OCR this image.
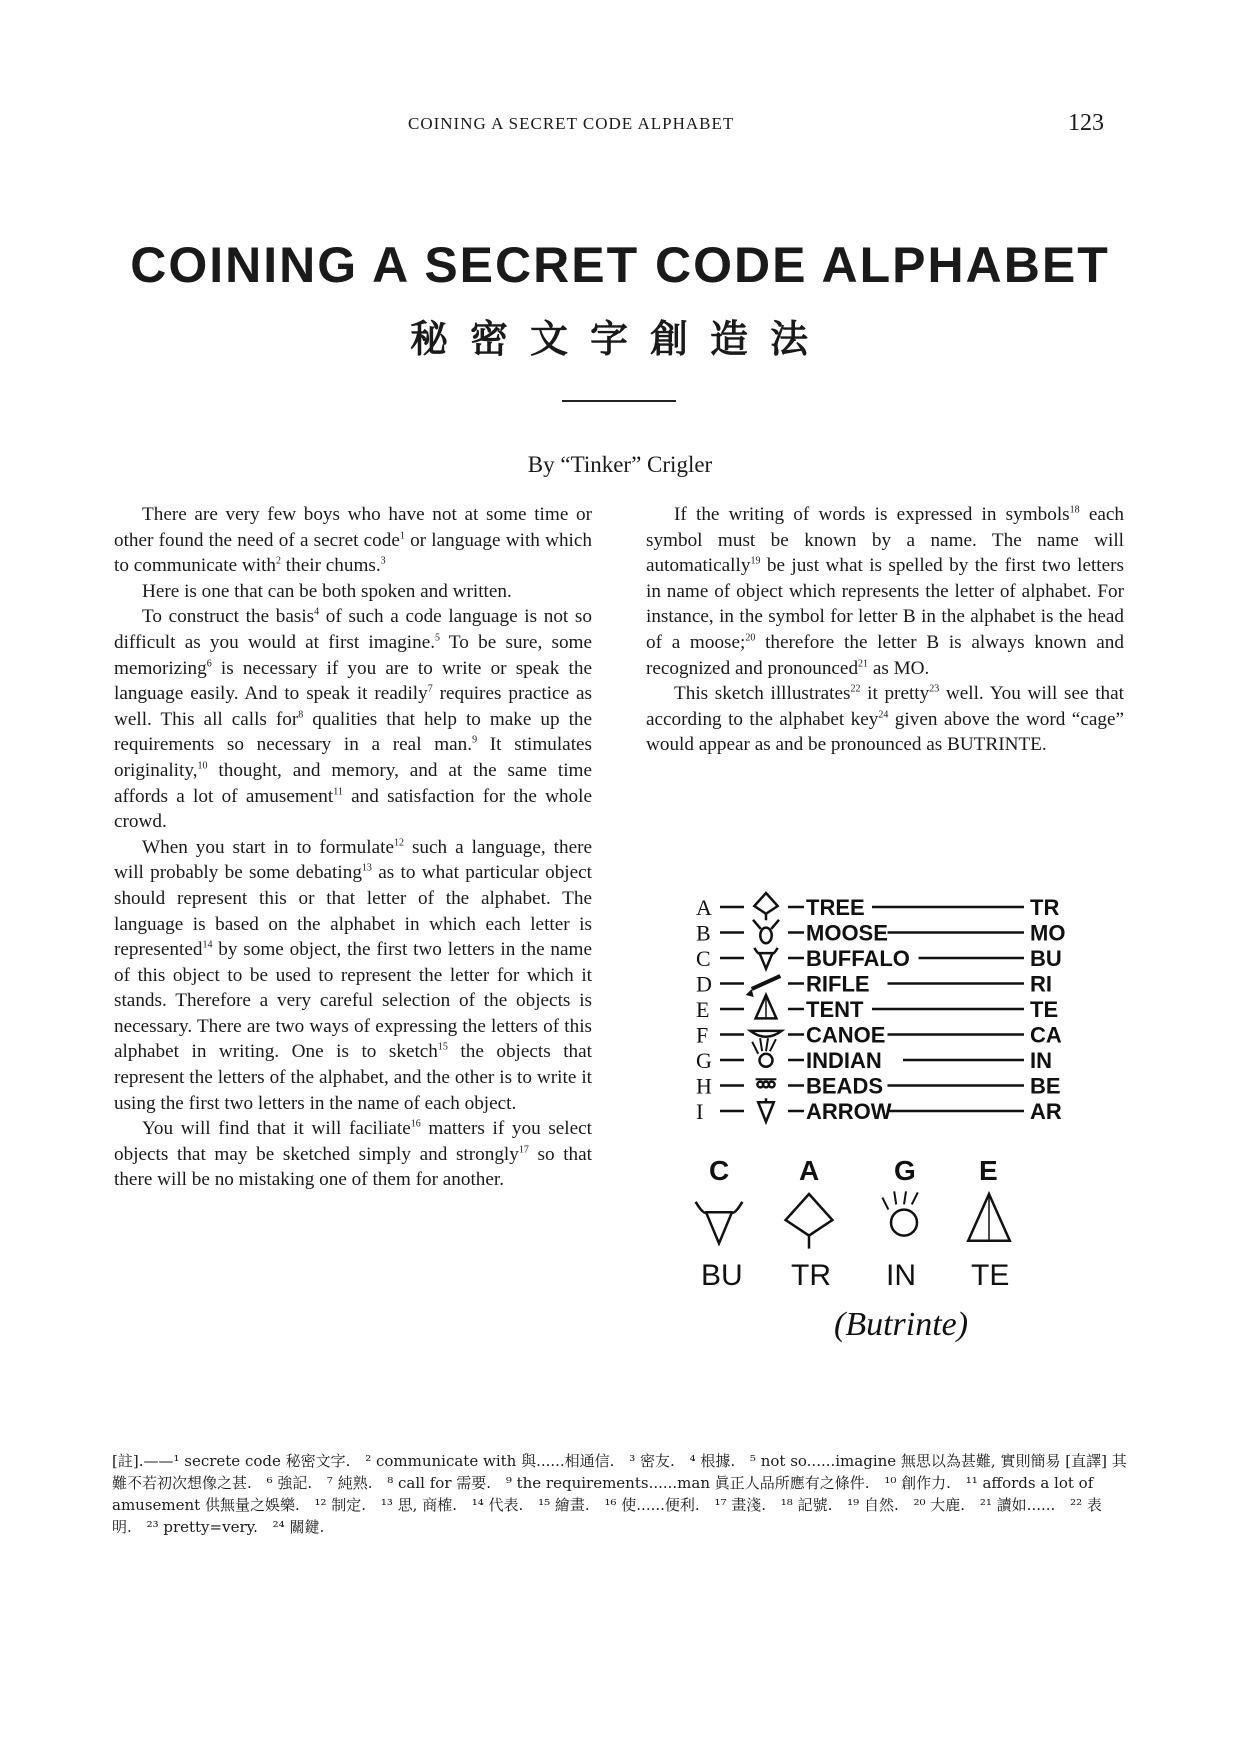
COINING A SECRET CODE ALPHABET	123
COINING A SECRET CODE ALPHABET
秘密文字創造法
By “Tinker” Crigler

There are very few boys who have not at some time or other found the need of a secret code$^1$ or language with which to communicate with$^2$ their chums.$^3$

Here is one that can be both spoken and written.

To construct the basis$^4$ of such a code language is not so difficult as you would at first imagine.$^5$ To be sure, some memorizing$^6$ is necessary if you are to write or speak the language easily. And to speak it readily$^7$ requires practice as well. This all calls for$^8$ qualities that help to make up the requirements so necessary in a real man.$^9$ It stimulates originality,$^{10}$ thought, and memory, and at the same time affords a lot of amusement$^{11}$ and satisfaction for the whole crowd.

When you start in to formulate$^{12}$ such a language, there will probably be some debating$^{13}$ as to what particular object should represent this or that letter of the alphabet. The language is based on the alphabet in which each letter is represented$^{14}$ by some object, the first two letters in the name of this object to be used to represent the letter for which it stands. Therefore a very careful selection of the objects is necessary. There are two ways of expressing the letters of this alphabet in writing. One is to sketch$^{15}$ the objects that represent the letters of the alphabet, and the other is to write it using the first two letters in the name of each object.

You will find that it will faciliate$^{16}$ matters if you select objects that may be sketched simply and strongly$^{17}$ so that there will be no mistaking one of them for another.

If the writing of words is expressed in symbols$^{18}$ each symbol must be known by a name. The name will automatically$^{19}$ be just what is spelled by the first two letters in name of object which represents the letter of alphabet. For instance, in the symbol for letter B in the alphabet is the head of a moose;$^{20}$ therefore the letter B is always known and recognized and pronounced$^{21}$ as MO.

This sketch illlustrates$^{22}$ it pretty$^{23}$ well. You will see that according to the alphabet key$^{24}$ given above the word “cage” would appear as and be pronounced as BUTRINTE.

A	TREE	TR
B	MOOSE	MO
C	BUFFALO	BU
D	RIFLE	RI
E	TENT	TE
F	CANOE	CA
G	INDIAN	IN
H	BEADS	BE
I	ARROW	AR
C
BU
A
TR
G
IN
E
TE
(Butrinte)
[註].——¹ secrete code 秘密文字. ² communicate with 與......相通信. ³ 密友. ⁴ 根據. ⁵ not so......imagine 無思以為甚難, 實則簡易 [直譯] 其難不若初次想像之甚. ⁶ 強記. ⁷ 純熟. ⁸ call for 需要. ⁹ the requirements......man 眞正人品所應有之條件. ¹⁰ 創作力. ¹¹ affords a lot of amusement 供無量之娛樂. ¹² 制定. ¹³ 思, 商榷. ¹⁴ 代表. ¹⁵ 繪畫. ¹⁶ 使......便利. ¹⁷ 畫淺. ¹⁸ 記號. ¹⁹ 自然. ²⁰ 大鹿. ²¹ 讀如...... ²² 表明. ²³ pretty=very. ²⁴ 關鍵.
